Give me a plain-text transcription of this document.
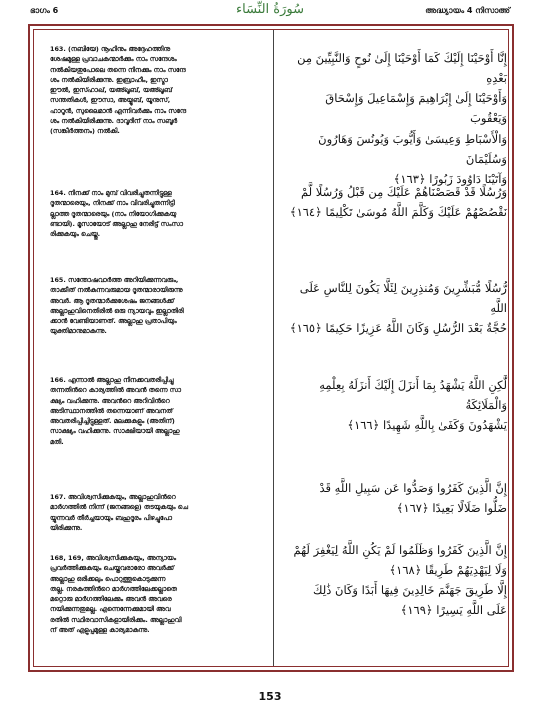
ഭാഗം 6	سُورَةُ النِّسَاء	അദ്ധ്യായം 4 നിസാഅ്
163. (നബിയേ) നൂഹിനും അദ്ദേഹത്തിനു
ശേഷമുള്ള പ്രവാചകന്മാര്‍ക്കും നാം സന്ദേശം
നല്‍കിയതുപോലെ തന്നെ നിനക്കും നാം സന്ദേ
ശം നല്‍കിയിരിക്കുന്നു. ഇബ്രാഹീം, ഇസ്മാ
ഈല്‍, ഇസ്ഹാഖ്, യഅ്ഖൂബ്, യഅ്ഖൂബ്
സന്തതികള്‍, ഈസാ, അയ്യൂബ്, യൂനുസ്,
ഹാറൂന്‍, സുലൈമാന്‍ എന്നിവര്‍ക്കും നാം സന്ദേ
ശം നല്‍കിയിരിക്കുന്നു. ദാവൂദിന് നാം സബൂര്‍
(സങ്കീര്‍ത്തനം) നല്‍കി.
164. നിനക്ക് നാം മുമ്പ് വിവരിച്ചുതന്നിട്ടുള്ള
ദൂതന്മാരെയും, നിനക്ക് നാം വിവരിച്ചുതന്നിട്ടി
ല്ലാത്ത ദൂതന്മാരെയും (നാം നിയോഗിക്കുകയു
ണ്ടായി). മൂസായോട് അല്ലാഹു നേരിട്ട് സംസാ
രിക്കുകയും ചെയ്തു.
165. സന്തോഷവാര്‍ത്ത അറിയിക്കുന്നവരും,
താക്കീത് നല്‍കുന്നവരുമായ ദൂതന്മാരായിരുന്നു
അവര്‍. ആ ദൂതന്മാര്‍ക്കുശേഷം ജനങ്ങള്‍ക്ക്
അല്ലാഹുവിനെതിരില്‍ ഒരു ന്യായവും ഇല്ലാതിരി
ക്കാന്‍ വേണ്ടിയാണത്. അല്ലാഹു പ്രതാപിയും
യുക്തിമാനുമാകുന്നു.
166. എന്നാല്‍ അല്ലാഹു നിനക്കവതരിപ്പിച്ചു
തന്നതിന്‍റെ കാര്യത്തില്‍ അവന്‍ തന്നെ സാ
ക്ഷ്യം വഹിക്കുന്നു. അവന്‍റെ അറിവിന്‍റെ
അടിസ്ഥാനത്തില്‍ തന്നെയാണ് അവനത്
അവതരിപ്പിച്ചിട്ടുള്ളത്. മലക്കുകളും (അതിന്)
സാക്ഷ്യം വഹിക്കുന്നു. സാക്ഷിയായി അല്ലാഹു
മതി.
167. അവിശ്വസിക്കുകയും, അല്ലാഹുവിന്‍റെ
മാര്‍ഗത്തില്‍ നിന്ന് (ജനങ്ങളെ) തടയുകയും ചെ
യ്യുന്നവര്‍ തീര്‍ച്ചയായും ബഹുദൂരം പിഴച്ചുപോ
യിരിക്കുന്നു.
168, 169, അവിശ്വസിക്കുകയും, അന്യായം
പ്രവര്‍ത്തിക്കുകയും ചെയ്തവരാരോ അവര്‍ക്ക്
അല്ലാഹു ഒരിക്കലും പൊറുത്തുകൊടുക്കുന്ന
തല്ല. നരകത്തിന്‍റെ മാര്‍ഗത്തിലേക്കല്ലാതെ
മറ്റൊരു മാര്‍ഗത്തിലേക്കും അവന്‍ അവരെ
നയിക്കുന്നതുമല്ല. എന്നെന്നേക്കുമായി അവ
രതില്‍ സ്ഥിരവാസികളായിരിക്കും. അല്ലാഹുവി
ന് അത് എളുപ്പമുള്ള കാര്യമാകുന്നു.
إِنَّا أَوْحَيْنَا إِلَيْكَ كَمَا أَوْحَيْنَا إِلَىٰ نُوحٍ وَالنَّبِيِّينَ مِن بَعْدِهِ
وَأَوْحَيْنَا إِلَىٰ إِبْرَاهِيمَ وَإِسْمَاعِيلَ وَإِسْحَاقَ وَيَعْقُوبَ
وَالْأَسْبَاطِ وَعِيسَىٰ وَأَيُّوبَ وَيُونُسَ وَهَارُونَ وَسُلَيْمَانَ
وَآتَيْنَا دَاوُودَ زَبُورًا ﴿١٦٣﴾
وَرُسُلًا قَدْ قَصَصْنَاهُمْ عَلَيْكَ مِن قَبْلُ وَرُسُلًا لَّمْ
نَقْصُصْهُمْ عَلَيْكَ وَكَلَّمَ اللَّهُ مُوسَىٰ تَكْلِيمًا ﴿١٦٤﴾
رُّسُلًا مُّبَشِّرِينَ وَمُنذِرِينَ لِئَلَّا يَكُونَ لِلنَّاسِ عَلَى اللَّهِ
حُجَّةٌ بَعْدَ الرُّسُلِ وَكَانَ اللَّهُ عَزِيزًا حَكِيمًا ﴿١٦٥﴾
لَّٰكِنِ اللَّهُ يَشْهَدُ بِمَا أَنزَلَ إِلَيْكَ أَنزَلَهُ بِعِلْمِهِ وَالْمَلَائِكَةُ
يَشْهَدُونَ وَكَفَىٰ بِاللَّهِ شَهِيدًا ﴿١٦٦﴾
إِنَّ الَّذِينَ كَفَرُوا وَصَدُّوا عَن سَبِيلِ اللَّهِ قَدْ
ضَلُّوا ضَلَالًا بَعِيدًا ﴿١٦٧﴾
إِنَّ الَّذِينَ كَفَرُوا وَظَلَمُوا لَمْ يَكُنِ اللَّهُ لِيَغْفِرَ لَهُمْ
وَلَا لِيَهْدِيَهُمْ طَرِيقًا ﴿١٦٨﴾
إِلَّا طَرِيقَ جَهَنَّمَ خَالِدِينَ فِيهَا أَبَدًا وَكَانَ ذَٰلِكَ
عَلَى اللَّهِ يَسِيرًا ﴿١٦٩﴾
153
